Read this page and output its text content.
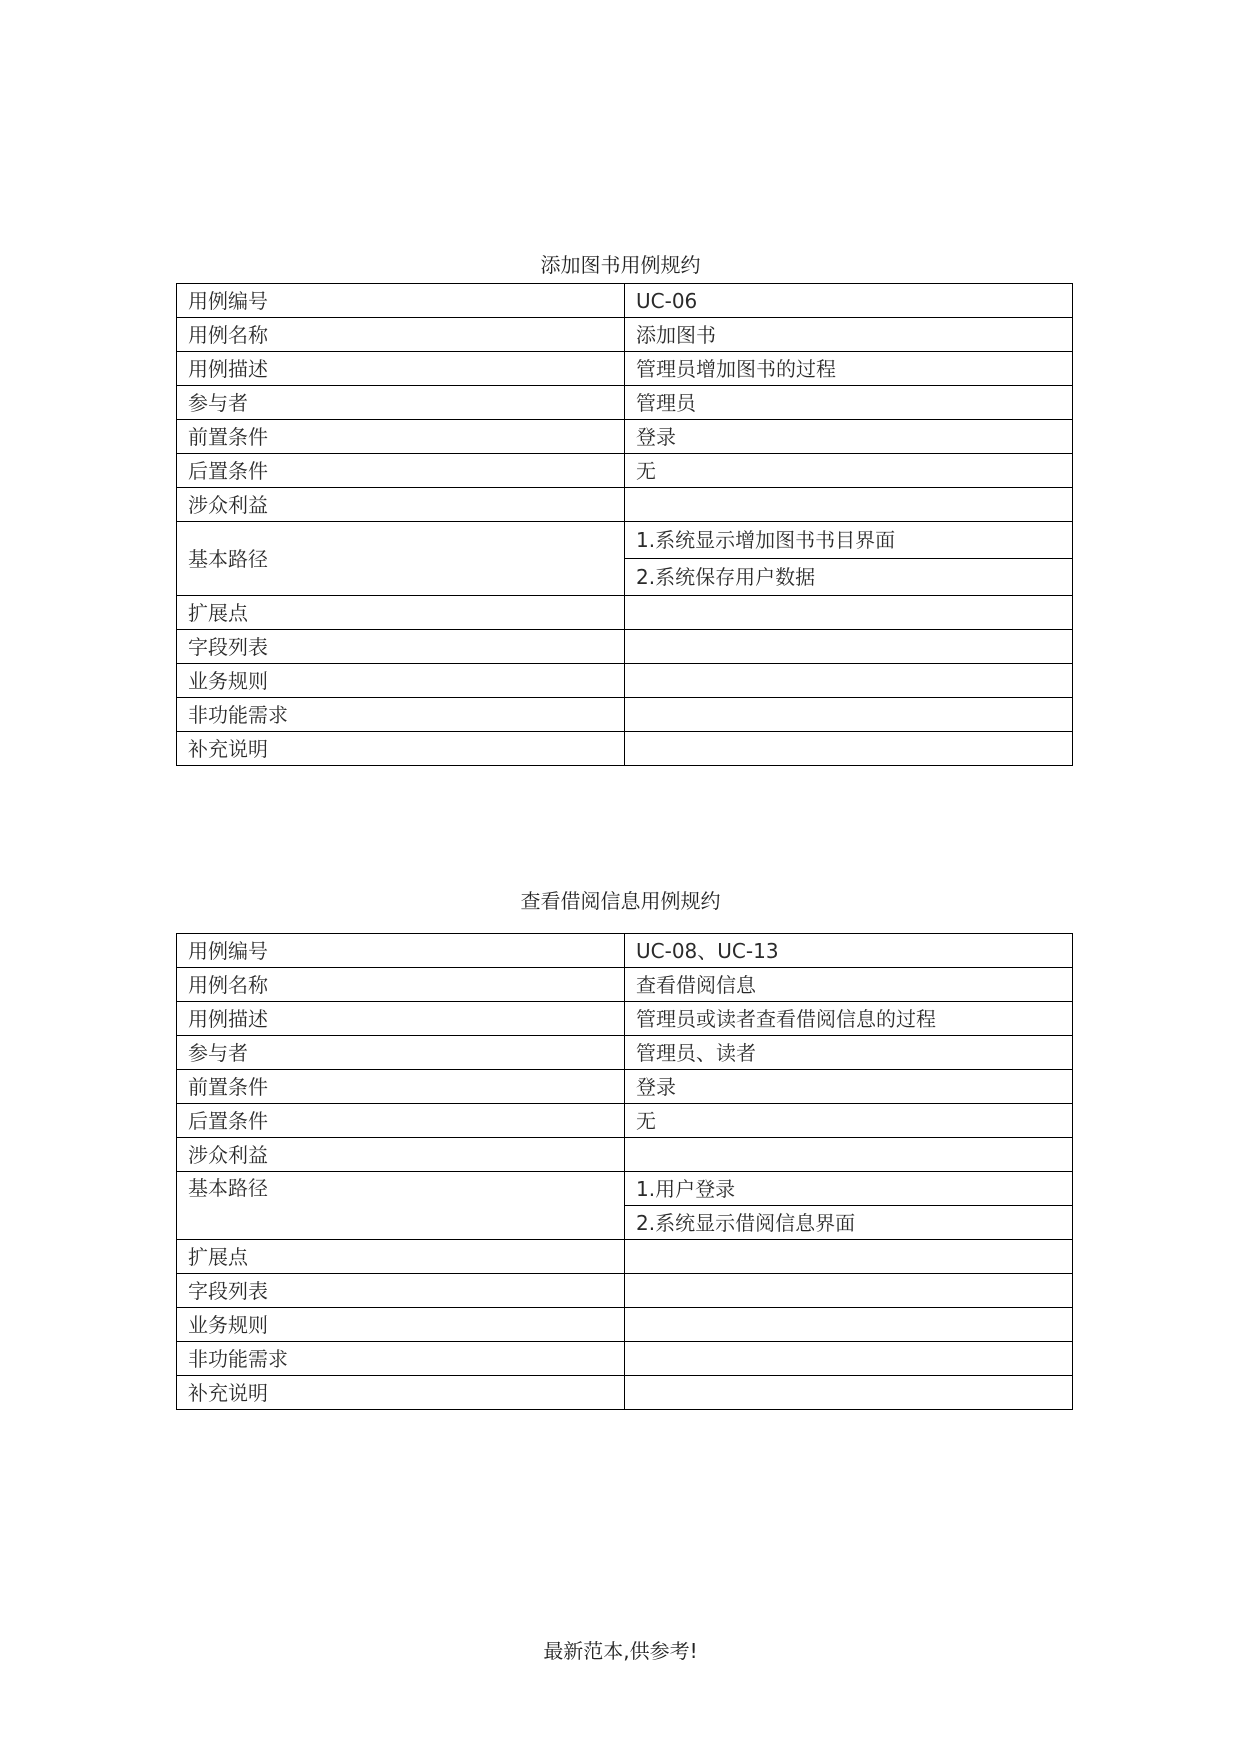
添加图书用例规约
用例编号	UC-06
用例名称	添加图书
用例描述	管理员增加图书的过程
参与者	管理员
前置条件	登录
后置条件	无
涉众利益	
基本路径	1.系统显示增加图书书目界面
	2.系统保存用户数据
扩展点	
字段列表	
业务规则	
非功能需求	
补充说明	
查看借阅信息用例规约
用例编号	UC-08、UC-13
用例名称	查看借阅信息
用例描述	管理员或读者查看借阅信息的过程
参与者	管理员、读者
前置条件	登录
后置条件	无
涉众利益	
基本路径	1.用户登录
	2.系统显示借阅信息界面
扩展点	
字段列表	
业务规则	
非功能需求	
补充说明	
最新范本,供参考!
